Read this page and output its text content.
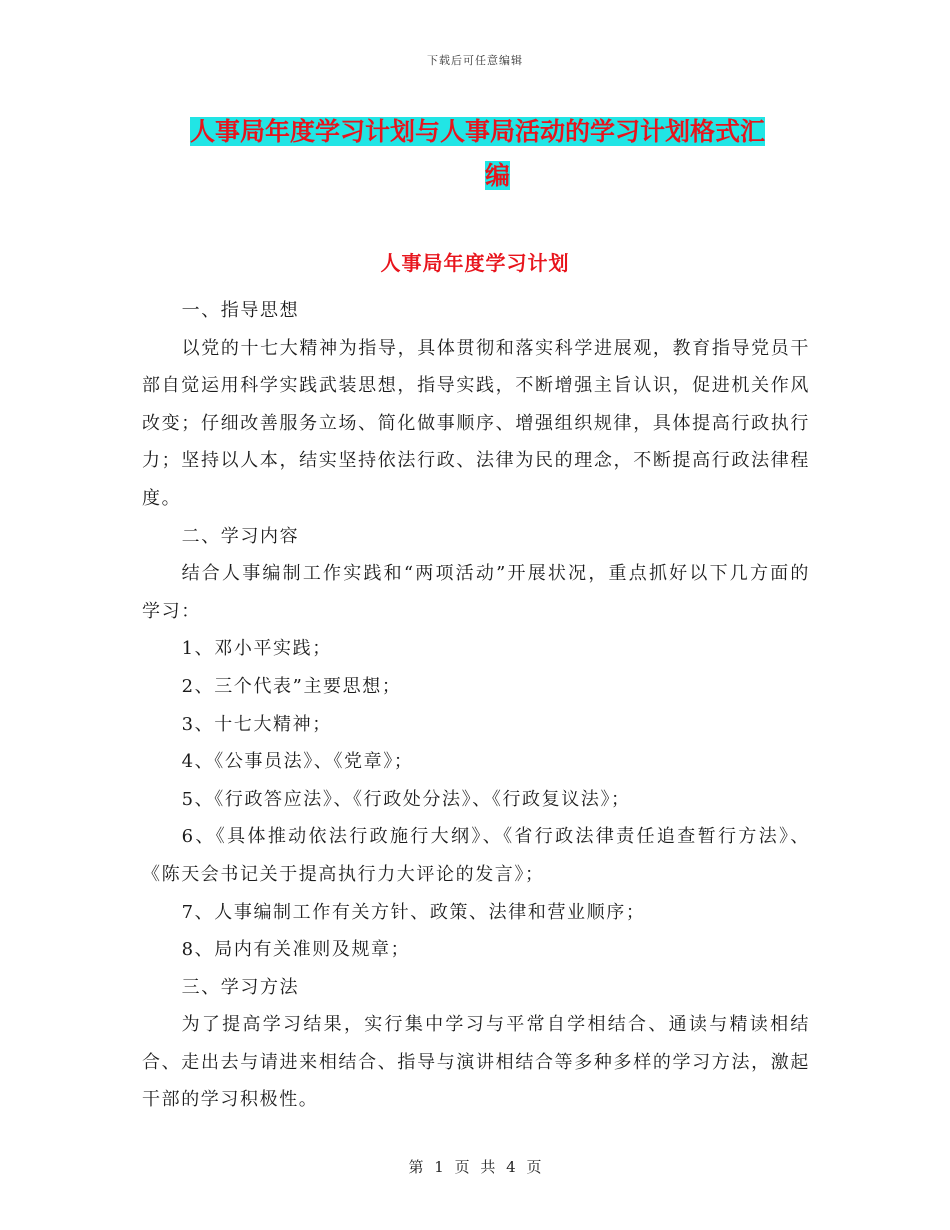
下载后可任意编辑
人事局年度学习计划与人事局活动的学习计划格式汇
编
人事局年度学习计划

一、指导思想

以党的十七大精神为指导，具体贯彻和落实科学进展观，教育指导党员干部自觉运用科学实践武装思想，指导实践，不断增强主旨认识，促进机关作风改变；仔细改善服务立场、简化做事顺序、增强组织规律，具体提高行政执行力；坚持以人本，结实坚持依法行政、法律为民的理念，不断提高行政法律程度。

二、学习内容

结合人事编制工作实践和“两项活动”开展状况，重点抓好以下几方面的学习：

1、邓小平实践；

2、三个代表”主要思想；

3、十七大精神；

4、《公事员法》、《党章》；

5、《行政答应法》、《行政处分法》、《行政复议法》；

6、《具体推动依法行政施行大纲》、《省行政法律责任追查暂行方法》、《陈天会书记关于提高执行力大评论的发言》；

7、人事编制工作有关方针、政策、法律和营业顺序；

8、局内有关准则及规章；

三、学习方法

为了提高学习结果，实行集中学习与平常自学相结合、通读与精读相结合、走出去与请进来相结合、指导与演讲相结合等多种多样的学习方法，激起干部的学习积极性。

第 1 页 共 4 页
